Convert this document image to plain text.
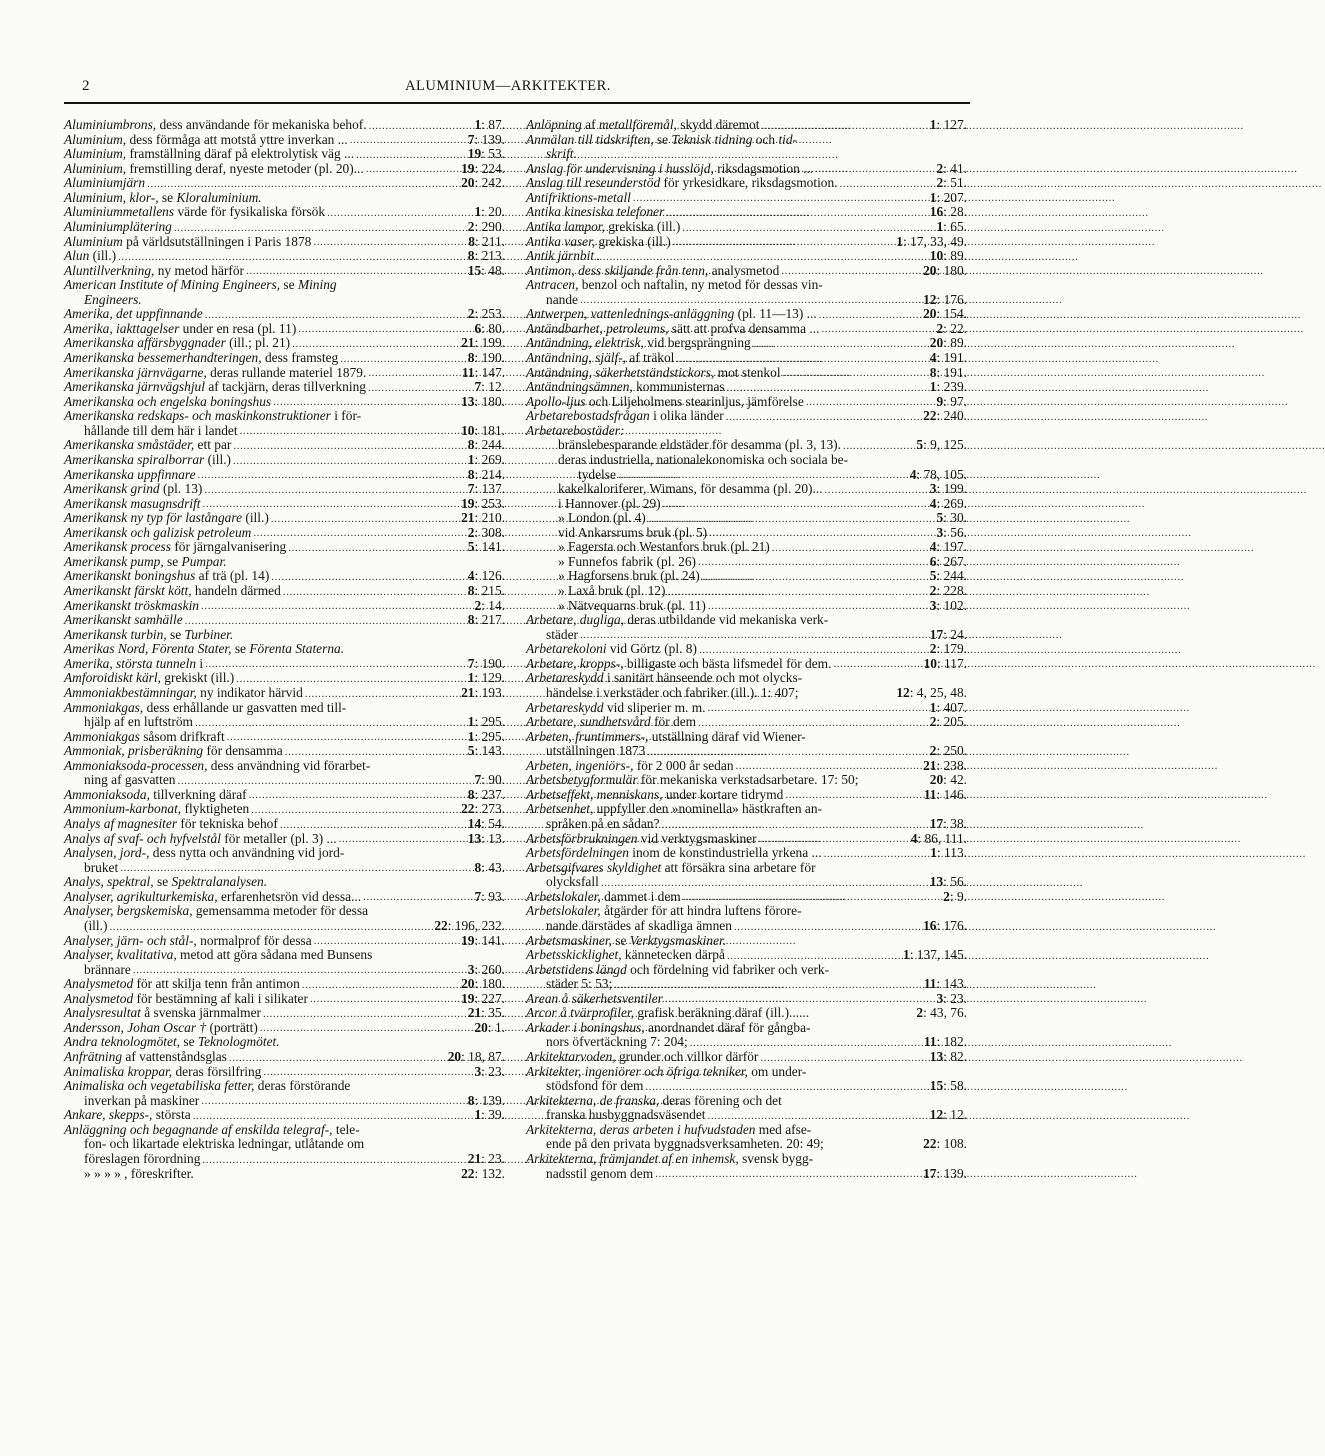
2	ALUMINIUM—ARKITEKTER.
Aluminiumbrons, dess användande för mekaniska behof. .....	1: 87.
Aluminium, dess förmåga att motstå yttre inverkan ... .....	7: 139.
Aluminium, framställning däraf på elektrolytisk väg ... .....	19: 53.
Aluminium, fremstilling deraf, nyeste metoder (pl. 20)... .....	19: 224.
Aluminiumjärn .....	20: 242.
Aluminium, klor-, se Kloraluminium.
Aluminiummetallens värde för fysikaliska försök .....	1: 20.
Aluminiumplätering .....	2: 290.
Aluminium på världsutställningen i Paris 1878 .....	8: 211.
Alun (ill.) .....	8: 213.
Aluntillverkning, ny metod härför .....	15: 48.
American Institute of Mining Engineers, se Mining
Engineers.
Amerika, det uppfinnande .....	2: 253.
Amerika, iakttagelser under en resa (pl. 11) .....	6: 80.
Amerikanska affärsbyggnader (ill.; pl. 21) .....	21: 199.
Amerikanska bessemerhandteringen, dess framsteg .....	8: 190.
Amerikanska järnvägarne, deras rullande materiel 1879. .....	11: 147.
Amerikanska järnvägshjul af tackjärn, deras tillverkning .....	7: 12.
Amerikanska och engelska boningshus .....	13: 180.
Amerikanska redskaps- och maskinkonstruktioner i för-
hållande till dem här i landet .....	10: 181.
Amerikanska småstäder, ett par .....	8: 244.
Amerikanska spiralborrar (ill.) .....	1: 269.
Amerikanska uppfinnare .....	8: 214.
Amerikansk grind (pl. 13) .....	7: 137.
Amerikansk masugnsdrift .....	19: 253.
Amerikansk ny typ för lastångare (ill.) .....	21: 210.
Amerikansk och galizisk petroleum .....	2: 308.
Amerikansk process för järngalvanisering .....	5: 141.
Amerikansk pump, se Pumpar.
Amerikanskt boningshus af trä (pl. 14) .....	4: 126.
Amerikanskt färskt kött, handeln därmed .....	8: 215.
Amerikanskt tröskmaskin .....	2: 14.
Amerikanskt samhälle .....	8: 217.
Amerikansk turbin, se Turbiner.
Amerikas Nord, Förenta Stater, se Förenta Staterna.
Amerika, största tunneln i .....	7: 190.
Amforoidiskt kärl, grekiskt (ill.) .....	1: 129.
Ammoniakbestämningar, ny indikator härvid .....	21: 193.
Ammoniakgas, dess erhållande ur gasvatten med till-
hjälp af en luftström .....	1: 295.
Ammoniakgas såsom drifkraft .....	1: 295.
Ammoniak, prisberäkning för densamma .....	5: 143.
Ammoniaksoda-processen, dess användning vid förarbet-
ning af gasvatten .....	7: 90.
Ammoniaksoda, tillverkning däraf .....	8: 237.
Ammonium-karbonat, flyktigheten .....	22: 273.
Analys af magnesiter för tekniska behof .....	14: 54.
Analys af svaf- och hyfvelstål för metaller (pl. 3) ... .....	13: 13.
Analysen, jord-, dess nytta och användning vid jord-
bruket .....	8: 43.
Analys, spektral, se Spektralanalysen.
Analyser, agrikulturkemiska, erfarenhetsrön vid dessa... .....	7: 93.
Analyser, bergskemiska, gemensamma metoder för dessa
(ill.) .....	22: 196, 232.
Analyser, järn- och stål-, normalprof för dessa .....	19: 141.
Analyser, kvalitativa, metod att göra sådana med Bunsens
brännare .....	3: 260.
Analysmetod för att skilja tenn från antimon .....	20: 180.
Analysmetod för bestämning af kali i silikater .....	19: 227.
Analysresultat å svenska järnmalmer .....	21: 35.
Andersson, Johan Oscar † (porträtt) .....	20: 1.
Andra teknologmötet, se Teknologmötet.
Anfrätning af vattenståndsglas .....	20: 18, 87.
Animaliska kroppar, deras försilfring .....	3: 23.
Animaliska och vegetabiliska fetter, deras förstörande
inverkan på maskiner .....	8: 139.
Ankare, skepps-, största .....	1: 39.
Anläggning och begagnande af enskilda telegraf-, tele-
fon- och likartade elektriska ledningar, utlåtande om
föreslagen förordning .....	21: 23.
» » » » , föreskrifter.	22: 132.
Anlöpning af metallföremål, skydd däremot .....	1: 127.
Anmälan till tidskriften, se Teknisk tidning och tid-
skrift.
Anslag för undervisning i husslöjd, riksdagsmotion ... .....	2: 41.
Anslag till reseunderstöd för yrkesidkare, riksdagsmotion. .....	2: 51.
Antifriktions-metall .....	1: 207.
Antika kinesiska telefoner .....	16: 28.
Antika lampor, grekiska (ill.) .....	1: 65.
Antika vaser, grekiska (ill.) .....	1: 17, 33, 49.
Antik järnbit .....	10: 89.
Antimon, dess skiljande från tenn, analysmetod .....	20: 180.
Antracen, benzol och naftalin, ny metod för dessas vin-
nande .....	12: 176.
Antwerpen, vattenlednings-anläggning (pl. 11—13) ... .....	20: 154.
Antändbarhet, petroleums, sätt att profva densamma ... .....	2: 22.
Antändning, elektrisk, vid bergsprängning .....	20: 89.
Antändning, själf-, af träkol .....	4: 191.
Antändning, säkerhetständstickors, mot stenkol .....	8: 191.
Antändningsämnen, kommunisternas .....	1: 239.
Apollo-ljus och Liljeholmens stearinljus, jämförelse .....	9: 97.
Arbetarebostadsfrågan i olika länder .....	22: 240.
Arbetarebostäder:
bränslebesparande eldstäder för desamma (pl. 3, 13). .....	5: 9, 125.
deras industriella, nationalekonomiska och sociala be-
tydelse .....	4: 78, 105.
kakelkaloriferer, Wimans, för desamma (pl. 20)... .....	3: 199.
i Hannover (pl. 29) .....	4: 269.
» London (pl. 4) .....	5: 30.
vid Ankarsrums bruk (pl. 5) .....	3: 56.
» Fagersta och Westanfors bruk (pl. 21) .....	4: 197.
» Funnefos fabrik (pl. 26) .....	6: 267.
» Hagforsens bruk (pl. 24) .....	5: 244.
» Laxå bruk (pl. 12) .....	2: 228.
» Nätvequarns bruk (pl. 11) .....	3: 102.
Arbetare, dugliga, deras utbildande vid mekaniska verk-
städer .....	17: 24.
Arbetarekoloni vid Görtz (pl. 8) .....	2: 179.
Arbetare, kropps-, billigaste och bästa lifsmedel för dem. .....	10: 117.
Arbetareskydd i sanitärt hänseende och mot olycks-
händelse i verkstäder och fabriker (ill.). 1: 407;	12: 4, 25, 48.
Arbetareskydd vid sliperier m. m. .....	1: 407.
Arbetare, sundhetsvård för dem .....	2: 205.
Arbeten, fruntimmers-, utställning däraf vid Wiener-
utställningen 1873 .....	2: 250.
Arbeten, ingeniörs-, för 2 000 år sedan .....	21: 238.
Arbetsbetygformulär för mekaniska verkstadsarbetare. 17: 50;	20: 42.
Arbetseffekt, menniskans, under kortare tidrymd .....	11: 146.
Arbetsenhet, uppfyller den »nominella» hästkraften an-
språken på en sådan? .....	17: 38.
Arbetsförbrukningen vid verktygsmaskiner .....	4: 86, 111.
Arbetsfördelningen inom de konstindustriella yrkena ... .....	1: 113.
Arbetsgifvares skyldighet att försäkra sina arbetare för
olycksfall .....	13: 56.
Arbetslokaler, dammet i dem .....	2: 9.
Arbetslokaler, åtgärder för att hindra luftens förore-
nande därstädes af skadliga ämnen .....	16: 176.
Arbetsmaskiner, se Verktygsmaskiner.
Arbetsskicklighet, kännetecken därpå .....	1: 137, 145.
Arbetstidens längd och fördelning vid fabriker och verk-
städer 5: 53; .....	11: 143.
Arean å säkerhetsventiler .....	3: 23.
Arcor å tvärprofiler, grafisk beräkning däraf (ill.)......	2: 43, 76.
Arkader i boningshus, anordnandet däraf för gångba-
nors öfvertäckning 7: 204; .....	11: 182.
Arkitektarvoden, grunder och villkor därför .....	13: 82.
Arkitekter, ingeniörer och öfriga tekniker, om under-
stödsfond för dem .....	15: 58.
Arkitekterna, de franska, deras förening och det
franska husbyggnadsväsendet .....	12: 12.
Arkitekterna, deras arbeten i hufvudstaden med afse-
ende på den privata byggnadsverksamheten. 20: 49;	22: 108.
Arkitekterna, främjandet af en inhemsk, svensk bygg-
nadsstil genom dem .....	17: 139.
